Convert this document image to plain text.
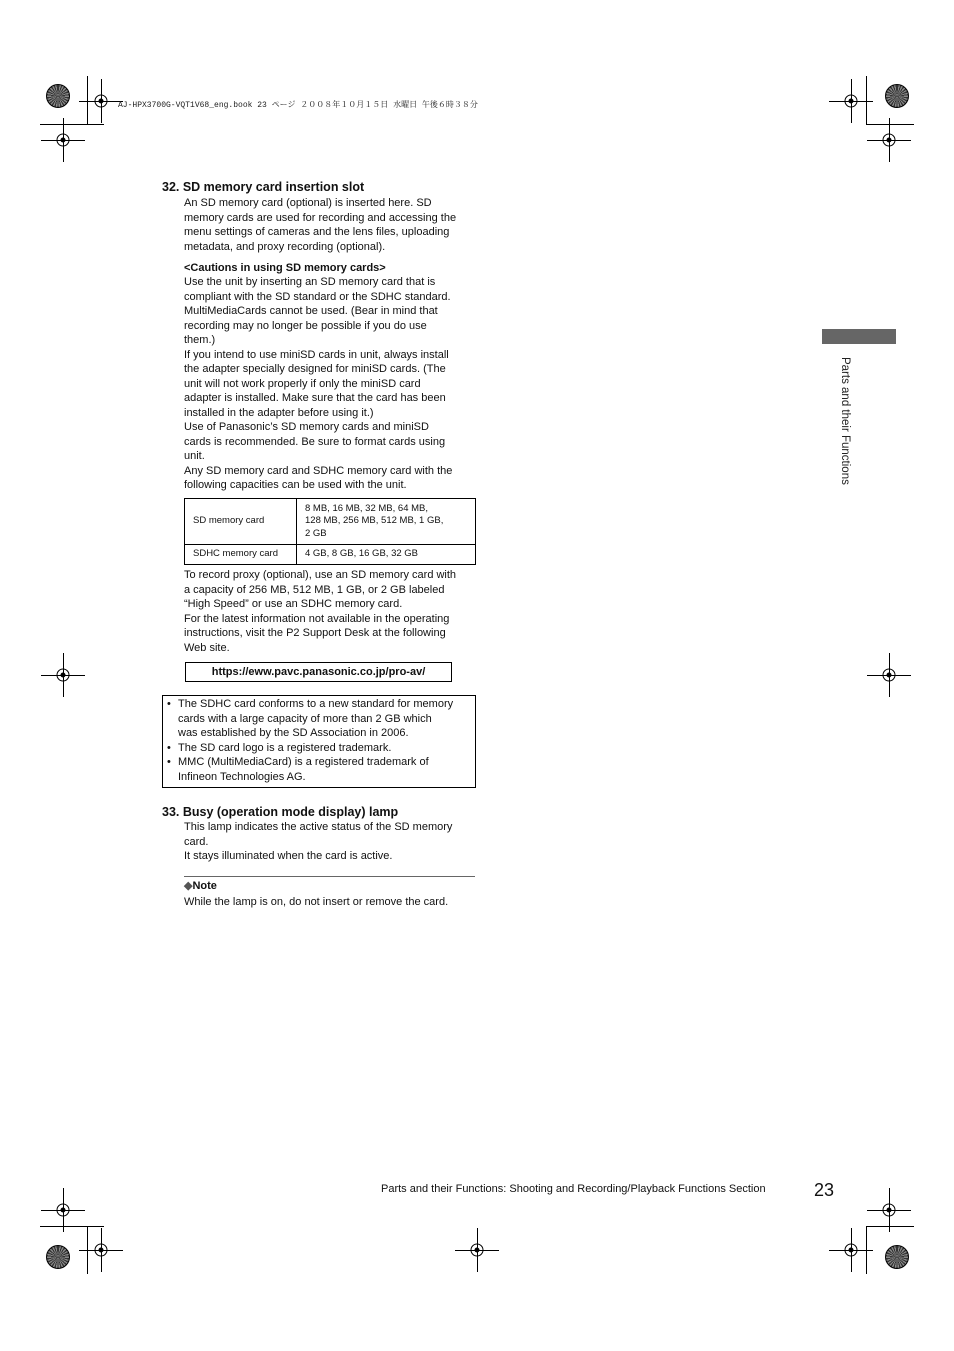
AJ-HPX3700G-VQT1V68_eng.book 23 ページ ２００８年１０月１５日 水曜日 午後６時３８分
Parts and their Functions
32. SD memory card insertion slot
An SD memory card (optional) is inserted here. SD
memory cards are used for recording and accessing the
menu settings of cameras and the lens files, uploading
metadata, and proxy recording (optional).
<Cautions in using SD memory cards>
Use the unit by inserting an SD memory card that is
compliant with the SD standard or the SDHC standard.
MultiMediaCards cannot be used. (Bear in mind that
recording may no longer be possible if you do use
them.)
If you intend to use miniSD cards in unit, always install
the adapter specially designed for miniSD cards. (The
unit will not work properly if only the miniSD card
adapter is installed. Make sure that the card has been
installed in the adapter before using it.)
Use of Panasonic’s SD memory cards and miniSD
cards is recommended. Be sure to format cards using
unit.
Any SD memory card and SDHC memory card with the
following capacities can be used with the unit.
SD memory card	8 MB, 16 MB, 32 MB, 64 MB,
128 MB, 256 MB, 512 MB, 1 GB,
2 GB

SDHC memory card	4 GB, 8 GB, 16 GB, 32 GB
To record proxy (optional), use an SD memory card with
a capacity of 256 MB, 512 MB, 1 GB, or 2 GB labeled
“High Speed” or use an SDHC memory card.
For the latest information not available in the operating
instructions, visit the P2 Support Desk at the following
Web site.
https://eww.pavc.panasonic.co.jp/pro-av/
• The SDHC card conforms to a new standard for memory
cards with a large capacity of more than 2 GB which
was established by the SD Association in 2006.
• The SD card logo is a registered trademark.
• MMC (MultiMediaCard) is a registered trademark of
Infineon Technologies AG.
33. Busy (operation mode display) lamp
This lamp indicates the active status of the SD memory
card.
It stays illuminated when the card is active.
◆Note
While the lamp is on, do not insert or remove the card.
Parts and their Functions: Shooting and Recording/Playback Functions Section	23
